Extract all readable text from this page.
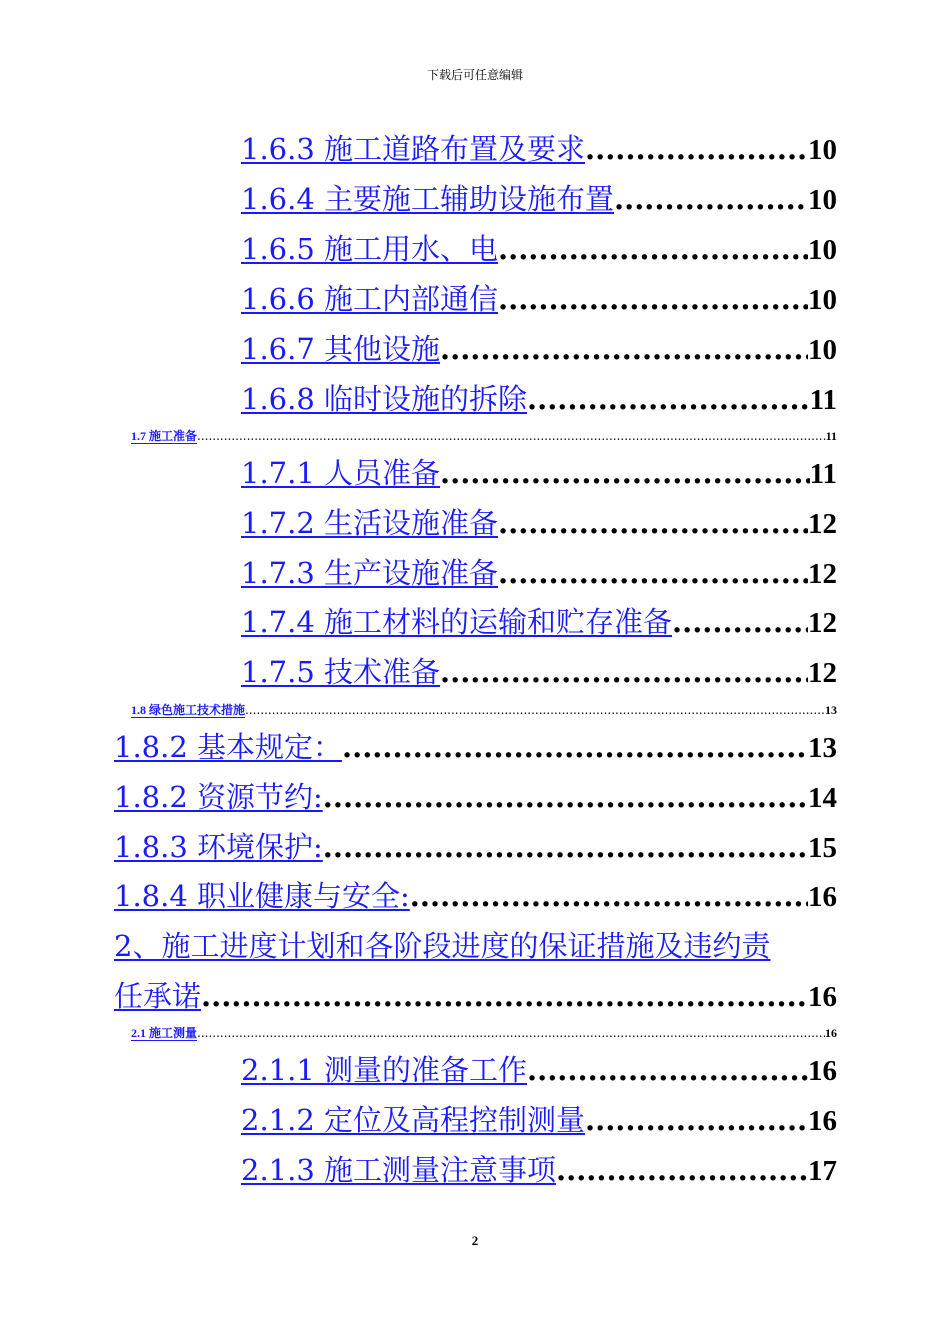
下载后可任意编辑
1.6.3 施工道路布置及要求 .....	10
1.6.4 主要施工辅助设施布置 .....	10
1.6.5 施工用水、电 .....	10
1.6.6 施工内部通信 .....	10
1.6.7 其他设施 .....	10
1.6.8 临时设施的拆除 .....	11
1.7 施工准备 .....	11
1.7.1 人员准备 .....	11
1.7.2 生活设施准备 .....	12
1.7.3 生产设施准备 .....	12
1.7.4 施工材料的运输和贮存准备 .....	12
1.7.5 技术准备 .....	12
1.8 绿色施工技术措施 .....	13
1.8.2 基本规定： .....	13
1.8.2 资源节约: .....	14
1.8.3 环境保护: .....	15
1.8.4 职业健康与安全: .....	16
2、施工进度计划和各阶段进度的保证措施及违约责
任承诺 .....	16
2.1 施工测量 .....	16
2.1.1 测量的准备工作 .....	16
2.1.2 定位及高程控制测量 .....	16
2.1.3 施工测量注意事项 .....	17
2
